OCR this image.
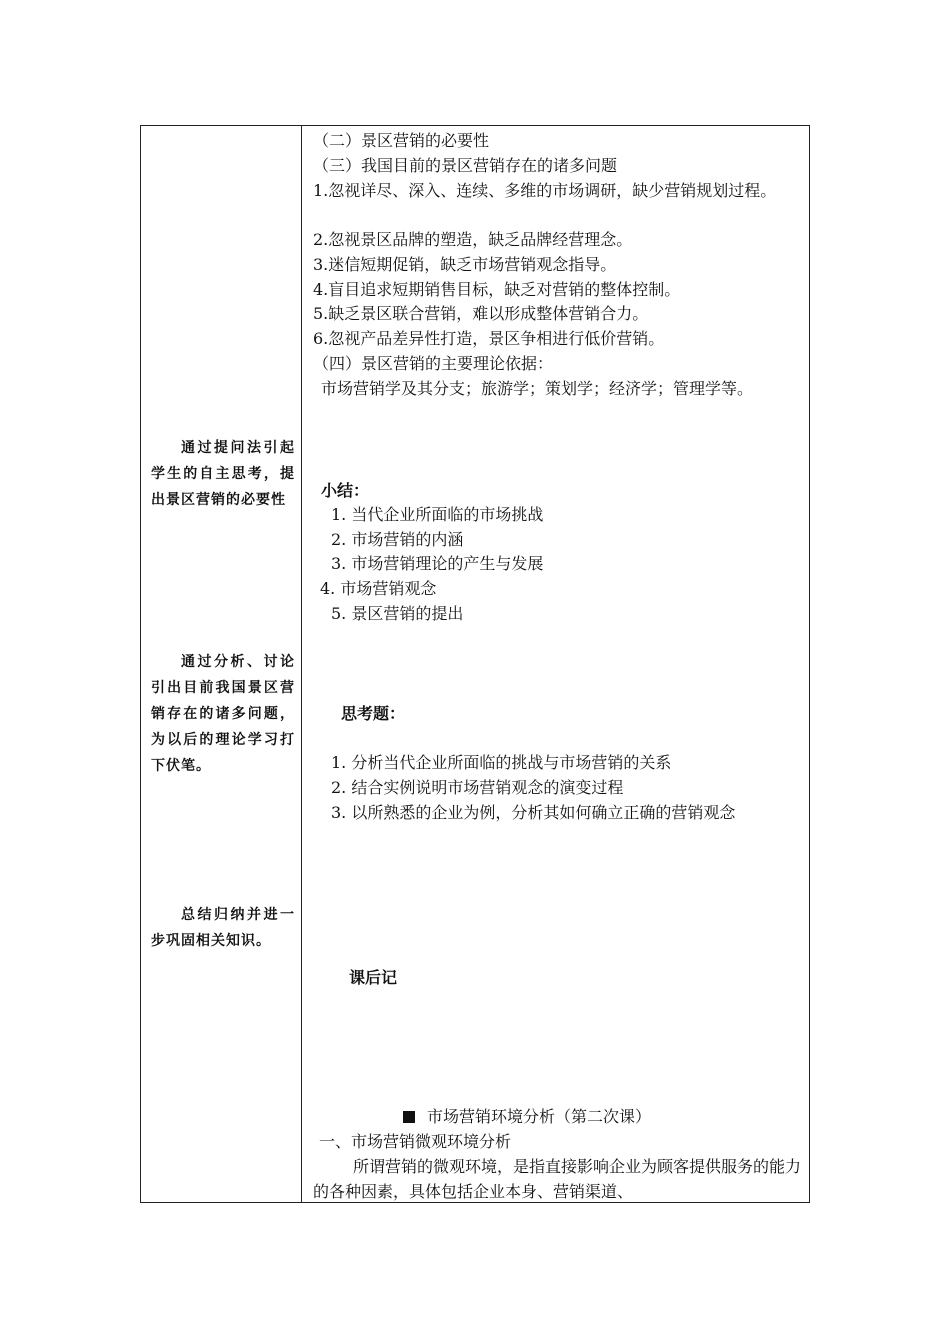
通过提问法引起学生的自主思考，提出景区营销的必要性
通过分析、讨论引出目前我国景区营销存在的诸多问题，为以后的理论学习打下伏笔。
总结归纳并进一步巩固相关知识。
（二）景区营销的必要性
（三）我国目前的景区营销存在的诸多问题
1.忽视详尽、深入、连续、多维的市场调研，缺少营销规划过程。
2.忽视景区品牌的塑造，缺乏品牌经营理念。
3.迷信短期促销，缺乏市场营销观念指导。
4.盲目追求短期销售目标，缺乏对营销的整体控制。
5.缺乏景区联合营销，难以形成整体营销合力。
6.忽视产品差异性打造，景区争相进行低价营销。
（四）景区营销的主要理论依据：
市场营销学及其分支；旅游学；策划学；经济学；管理学等。
小结：
1. 当代企业所面临的市场挑战
2. 市场营销的内涵
3. 市场营销理论的产生与发展
4. 市场营销观念
5. 景区营销的提出
思考题：
1. 分析当代企业所面临的挑战与市场营销的关系
2. 结合实例说明市场营销观念的演变过程
3. 以所熟悉的企业为例，分析其如何确立正确的营销观念
课后记
市场营销环境分析（第二次课）
一、市场营销微观环境分析
所谓营销的微观环境，是指直接影响企业为顾客提供服务的能力的各种因素，具体包括企业本身、营销渠道、
